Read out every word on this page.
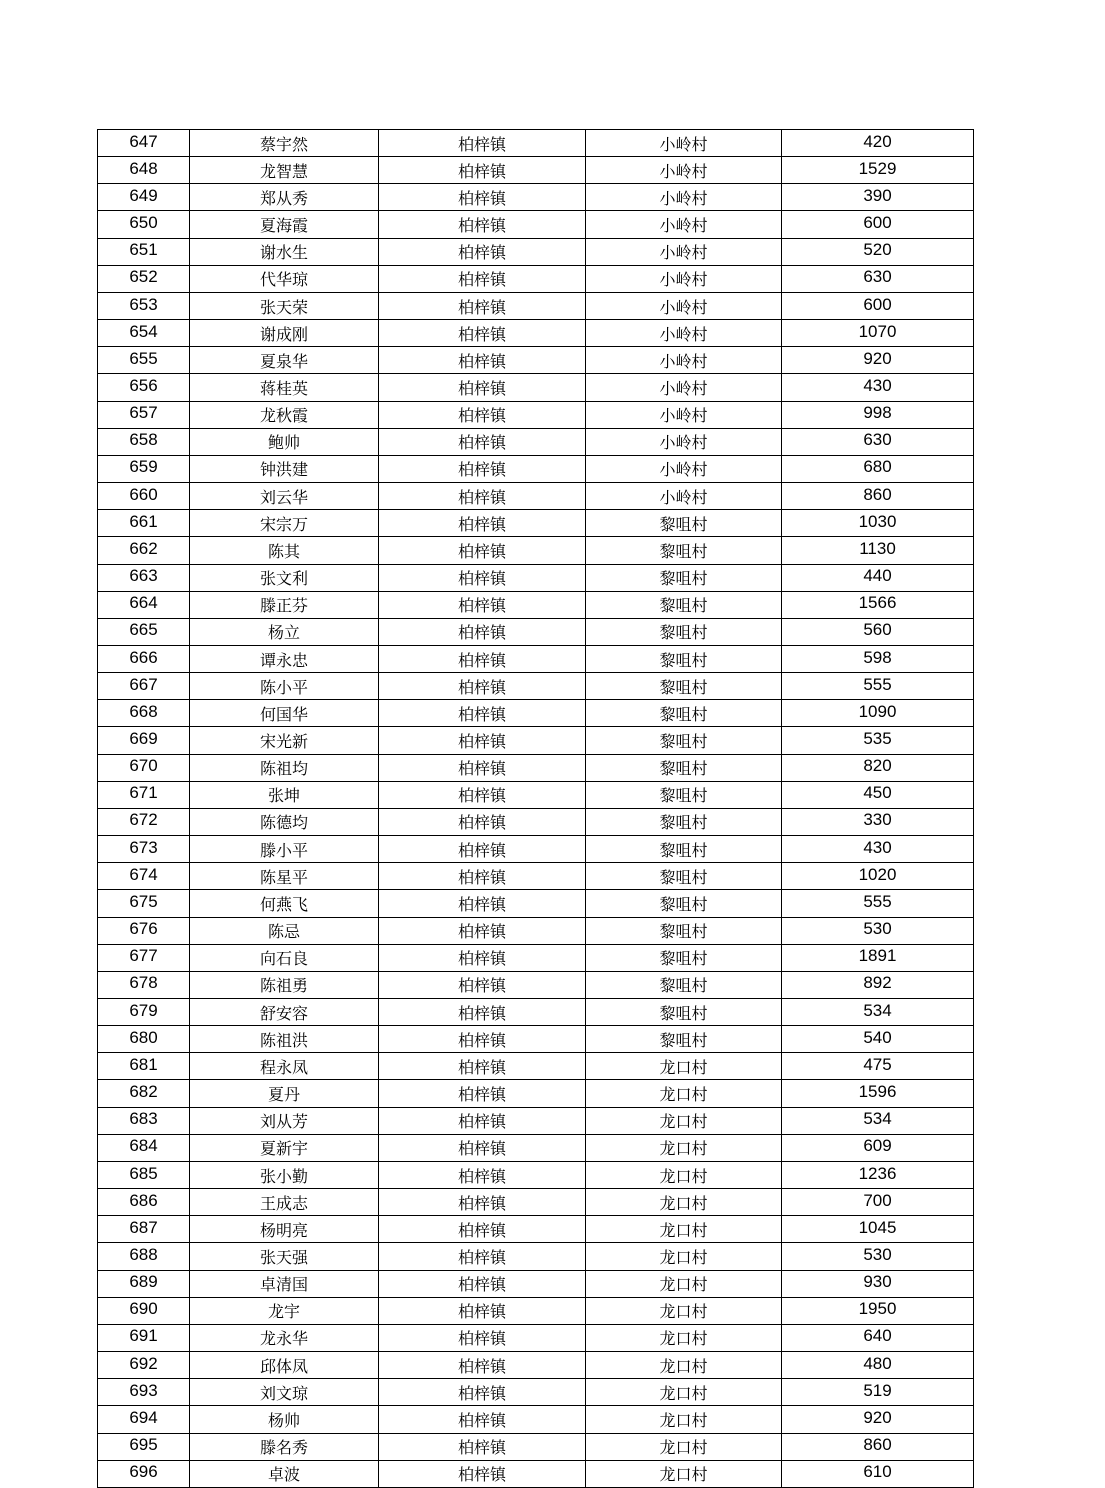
647	蔡宇然	柏梓镇	小岭村	420
648	龙智慧	柏梓镇	小岭村	1529
649	郑从秀	柏梓镇	小岭村	390
650	夏海霞	柏梓镇	小岭村	600
651	谢水生	柏梓镇	小岭村	520
652	代华琼	柏梓镇	小岭村	630
653	张天荣	柏梓镇	小岭村	600
654	谢成刚	柏梓镇	小岭村	1070
655	夏泉华	柏梓镇	小岭村	920
656	蒋桂英	柏梓镇	小岭村	430
657	龙秋霞	柏梓镇	小岭村	998
658	鲍帅	柏梓镇	小岭村	630
659	钟洪建	柏梓镇	小岭村	680
660	刘云华	柏梓镇	小岭村	860
661	宋宗万	柏梓镇	黎咀村	1030
662	陈其	柏梓镇	黎咀村	1130
663	张文利	柏梓镇	黎咀村	440
664	滕正芬	柏梓镇	黎咀村	1566
665	杨立	柏梓镇	黎咀村	560
666	谭永忠	柏梓镇	黎咀村	598
667	陈小平	柏梓镇	黎咀村	555
668	何国华	柏梓镇	黎咀村	1090
669	宋光新	柏梓镇	黎咀村	535
670	陈祖均	柏梓镇	黎咀村	820
671	张坤	柏梓镇	黎咀村	450
672	陈德均	柏梓镇	黎咀村	330
673	滕小平	柏梓镇	黎咀村	430
674	陈星平	柏梓镇	黎咀村	1020
675	何燕飞	柏梓镇	黎咀村	555
676	陈忌	柏梓镇	黎咀村	530
677	向石良	柏梓镇	黎咀村	1891
678	陈祖勇	柏梓镇	黎咀村	892
679	舒安容	柏梓镇	黎咀村	534
680	陈祖洪	柏梓镇	黎咀村	540
681	程永凤	柏梓镇	龙口村	475
682	夏丹	柏梓镇	龙口村	1596
683	刘从芳	柏梓镇	龙口村	534
684	夏新宇	柏梓镇	龙口村	609
685	张小勤	柏梓镇	龙口村	1236
686	王成志	柏梓镇	龙口村	700
687	杨明亮	柏梓镇	龙口村	1045
688	张天强	柏梓镇	龙口村	530
689	卓清国	柏梓镇	龙口村	930
690	龙宇	柏梓镇	龙口村	1950
691	龙永华	柏梓镇	龙口村	640
692	邱体凤	柏梓镇	龙口村	480
693	刘文琼	柏梓镇	龙口村	519
694	杨帅	柏梓镇	龙口村	920
695	滕名秀	柏梓镇	龙口村	860
696	卓波	柏梓镇	龙口村	610
